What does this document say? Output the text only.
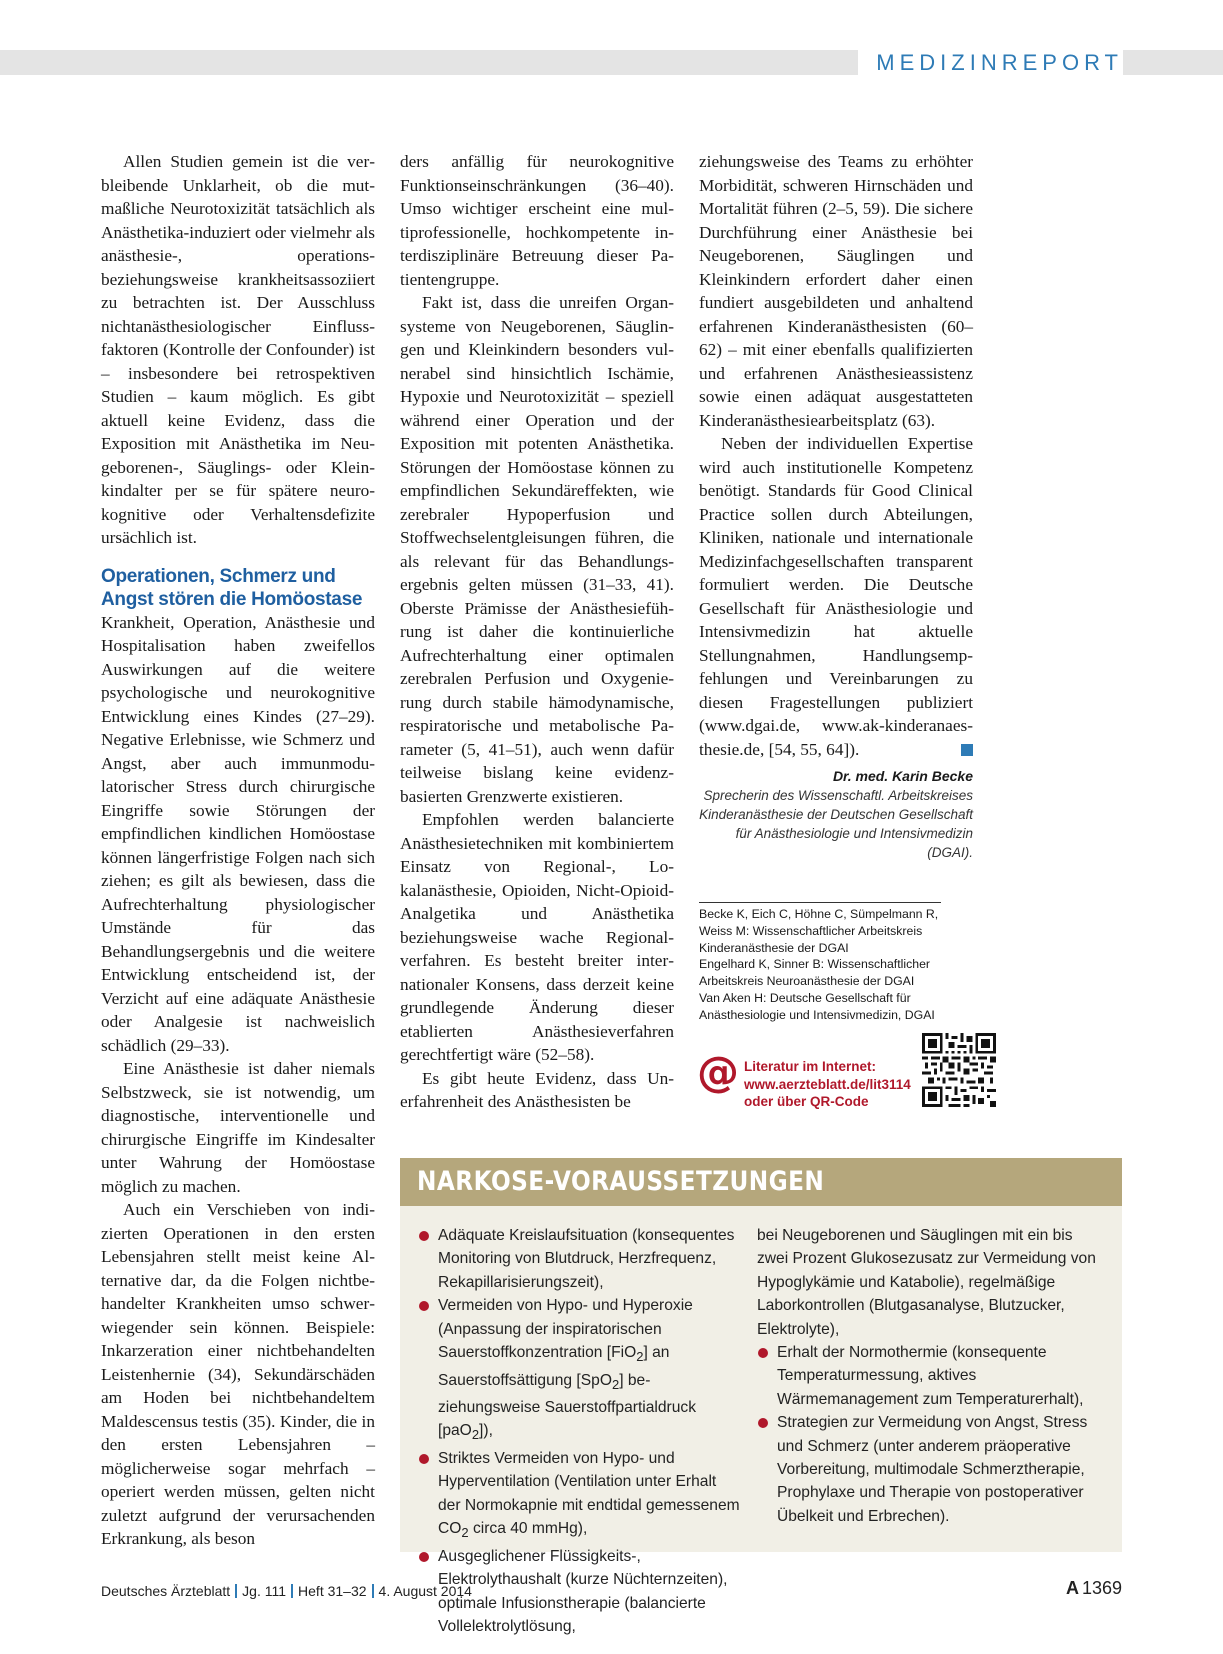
MEDIZINREPORT

Allen Studien gemein ist die verbleibende Unklarheit, ob die mutmaßliche Neurotoxizität tatsächlich als Anästhetika-induziert oder vielmehr als anästhesie-, operations- beziehungsweise krankheitsassoziiert zu betrachten ist. Der Ausschluss nichtanästhesiologischer Einflussfaktoren (Kontrolle der Confounder) ist – insbesondere bei retrospektiven Studien – kaum möglich. Es gibt aktuell keine Evidenz, dass die Exposition mit Anästhetika im Neugeborenen-, Säuglings- oder Kleinkindalter per se für spätere neurokognitive oder Verhaltensdefizite ursächlich ist.

Operationen, Schmerz und Angst stören die Homöostase

Krankheit, Operation, Anästhesie und Hospitalisation haben zweifellos Auswirkungen auf die weitere psychologische und neurokognitive Entwicklung eines Kindes (27–29). Negative Erlebnisse, wie Schmerz und Angst, aber auch immunmodulatorischer Stress durch chirurgische Eingriffe sowie Störungen der empfindlichen kindlichen Homöostase können längerfristige Folgen nach sich ziehen; es gilt als bewiesen, dass die Aufrechterhaltung physiologischer Umstände für das Behandlungsergebnis und die weitere Entwicklung entscheidend ist, der Verzicht auf eine adäquate Anästhesie oder Analgesie ist nachweislich schädlich (29–33).

Eine Anästhesie ist daher niemals Selbstzweck, sie ist notwendig, um diagnostische, interventionelle und chirurgische Eingriffe im Kindesalter unter Wahrung der Homöostase möglich zu machen.

Auch ein Verschieben von indizierten Operationen in den ersten Lebensjahren stellt meist keine Alternative dar, da die Folgen nichtbehandelter Krankheiten umso schwerwiegender sein können. Beispiele: Inkarzeration einer nichtbehandelten Leistenhernie (34), Sekundärschäden am Hoden bei nichtbehandeltem Maldescensus testis (35). Kinder, die in den ersten Lebensjahren – möglicherweise sogar mehrfach – operiert werden müssen, gelten nicht zuletzt aufgrund der verursachenden Erkrankung, als beson

ders anfällig für neurokognitive Funktionseinschränkungen (36–40). Umso wichtiger erscheint eine multiprofessionelle, hochkompetente interdisziplinäre Betreuung dieser Patientengruppe.

Fakt ist, dass die unreifen Organsysteme von Neugeborenen, Säuglingen und Kleinkindern besonders vulnerabel sind hinsichtlich Ischämie, Hypoxie und Neurotoxizität – speziell während einer Operation und der Exposition mit potenten Anästhetika. Störungen der Homöostase können zu empfindlichen Sekundäreffekten, wie zerebraler Hypoperfusion und Stoffwechselentgleisungen führen, die als relevant für das Behandlungsergebnis gelten müssen (31–33, 41). Oberste Prämisse der Anästhesieführung ist daher die kontinuierliche Aufrechterhaltung einer optimalen zerebralen Perfusion und Oxygenierung durch stabile hämodynamische, respiratorische und metabolische Parameter (5, 41–51), auch wenn dafür teilweise bislang keine evidenzbasierten Grenzwerte existieren.

Empfohlen werden balancierte Anästhesietechniken mit kombiniertem Einsatz von Regional-, Lokalanästhesie, Opioiden, Nicht-Opioid-Analgetika und Anästhetika beziehungsweise wache Regionalverfahren. Es besteht breiter internationaler Konsens, dass derzeit keine grundlegende Änderung dieser etablierten Anästhesieverfahren gerechtfertigt wäre (52–58).

Es gibt heute Evidenz, dass Unerfahrenheit des Anästhesisten be

ziehungsweise des Teams zu erhöhter Morbidität, schweren Hirnschäden und Mortalität führen (2–5, 59). Die sichere Durchführung einer Anästhesie bei Neugeborenen, Säuglingen und Kleinkindern erfordert daher einen fundiert ausgebildeten und anhaltend erfahrenen Kinderanästhesisten (60–62) – mit einer ebenfalls qualifizierten und erfahrenen Anästhesieassistenz sowie einen adäquat ausgestatteten Kinderanästhesiearbeitsplatz (63).

Neben der individuellen Expertise wird auch institutionelle Kompetenz benötigt. Standards für Good Clinical Practice sollen durch Abteilungen, Kliniken, nationale und internationale Medizinfachgesellschaften transparent formuliert werden. Die Deutsche Gesellschaft für Anästhesiologie und Intensivmedizin hat aktuelle Stellungnahmen, Handlungsempfehlungen und Vereinbarungen zu diesen Fragestellungen publiziert (www.dgai.de, www.ak-kinderanaesthesie.de, [54, 55, 64]).

Dr. med. Karin Becke
Sprecherin des Wissenschaftl. Arbeitskreises Kinderanästhesie der Deutschen Gesellschaft für Anästhesiologie und Intensivmedizin (DGAI).
Becke K, Eich C, Höhne C, Sümpelmann R, Weiss M: Wissenschaftlicher Arbeitskreis Kinderanästhesie der DGAI
Engelhard K, Sinner B: Wissenschaftlicher Arbeitskreis Neuroanästhesie der DGAI
Van Aken H: Deutsche Gesellschaft für Anästhesiologie und Intensivmedizin, DGAI
@ Literatur im Internet:
www.aerzteblatt.de/lit3114
oder über QR-Code
NARKOSE-VORAUSSETZUNGEN
Adäquate Kreislaufsituation (konsequentes Monitoring von Blutdruck, Herzfrequenz, Rekapillarisierungszeit),
Vermeiden von Hypo- und Hyperoxie (Anpassung der inspiratorischen Sauerstoffkonzentration [FiO$_2$] an Sauerstoffsättigung [SpO$_2$] beziehungsweise Sauerstoffpartialdruck [paO$_2$]),
Striktes Vermeiden von Hypo- und Hyperventilation (Ventilation unter Erhalt der Normokapnie mit endtidal gemessenem $CO_2$ circa 40 mmHg),
Ausgeglichener Flüssigkeits-, Elektrolythaushalt (kurze Nüchternzeiten), optimale Infusionstherapie (balancierte Vollelektrolytlösung,
bei Neugeborenen und Säuglingen mit ein bis zwei Prozent Glukosezusatz zur Vermeidung von Hypoglykämie und Katabolie), regelmäßige Laborkontrollen (Blutgasanalyse, Blutzucker, Elektrolyte),
Erhalt der Normothermie (konsequente Temperaturmessung, aktives Wärmemanagement zum Temperaturerhalt),
Strategien zur Vermeidung von Angst, Stress und Schmerz (unter anderem präoperative Vorbereitung, multimodale Schmerztherapie, Prophylaxe und Therapie von postoperativer Übelkeit und Erbrechen).
Deutsches Ärzteblatt Jg. 111 Heft 31–32 4. August 2014	A 1369
